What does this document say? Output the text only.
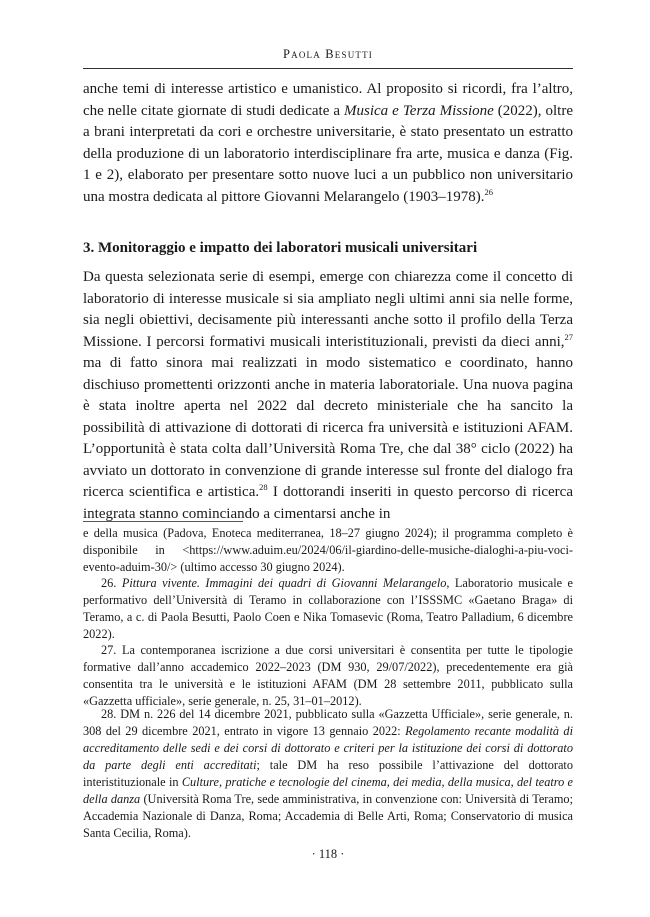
Paola Besutti

anche temi di interesse artistico e umanistico. Al proposito si ricordi, fra l’altro, che nelle citate giornate di studi dedicate a Musica e Terza Missione (2022), oltre a brani interpretati da cori e orchestre universitarie, è stato presentato un estratto della produzione di un laboratorio interdisciplinare fra arte, musica e danza (Fig. 1 e 2), elaborato per presentare sotto nuove luci a un pubblico non universitario una mostra dedicata al pittore Giovanni Melarangelo (1903–1978).$^{26}$

3. Monitoraggio e impatto dei laboratori musicali universitari

Da questa selezionata serie di esempi, emerge con chiarezza come il concetto di laboratorio di interesse musicale si sia ampliato negli ultimi anni sia nelle forme, sia negli obiettivi, decisamente più interessanti anche sotto il profilo della Terza Missione. I percorsi formativi musicali interistituzionali, previsti da dieci anni,$^{27}$ ma di fatto sinora mai realizzati in modo sistematico e coordinato, hanno dischiuso promettenti orizzonti anche in materia laboratoriale. Una nuova pagina è stata inoltre aperta nel 2022 dal decreto ministeriale che ha sancito la possibilità di attivazione di dottorati di ricerca fra università e istituzioni AFAM. L’opportunità è stata colta dall’Università Roma Tre, che dal 38° ciclo (2022) ha avviato un dottorato in convenzione di grande interesse sul fronte del dialogo fra ricerca scientifica e artistica.$^{28}$ I dottorandi inseriti in questo percorso di ricerca integrata stanno cominciando a cimentarsi anche in

e della musica (Padova, Enoteca mediterranea, 18–27 giugno 2024); il programma completo è disponibile in <https://www.aduim.eu/2024/06/il-giardino-delle-musiche-dialoghi-a-piu-voci-evento-aduim-30/> (ultimo accesso 30 giugno 2024).

26. Pittura vivente. Immagini dei quadri di Giovanni Melarangelo, Laboratorio musicale e performativo dell’Università di Teramo in collaborazione con l’ISSSMC «Gaetano Braga» di Teramo, a c. di Paola Besutti, Paolo Coen e Nika Tomasevic (Roma, Teatro Palladium, 6 dicembre 2022).

27. La contemporanea iscrizione a due corsi universitari è consentita per tutte le tipologie formative dall’anno accademico 2022–2023 (DM 930, 29/07/2022), precedentemente era già consentita tra le università e le istituzioni AFAM (DM 28 settembre 2011, pubblicato sulla «Gazzetta ufficiale», serie generale, n. 25, 31–01–2012).

28. DM n. 226 del 14 dicembre 2021, pubblicato sulla «Gazzetta Ufficiale», serie generale, n. 308 del 29 dicembre 2021, entrato in vigore 13 gennaio 2022: Regolamento recante modalità di accreditamento delle sedi e dei corsi di dottorato e criteri per la istituzione dei corsi di dottorato da parte degli enti accreditati; tale DM ha reso possibile l’attivazione del dottorato interistituzionale in Culture, pratiche e tecnologie del cinema, dei media, della musica, del teatro e della danza (Università Roma Tre, sede amministrativa, in convenzione con: Università di Teramo; Accademia Nazionale di Danza, Roma; Accademia di Belle Arti, Roma; Conservatorio di musica Santa Cecilia, Roma).

· 118 ·
